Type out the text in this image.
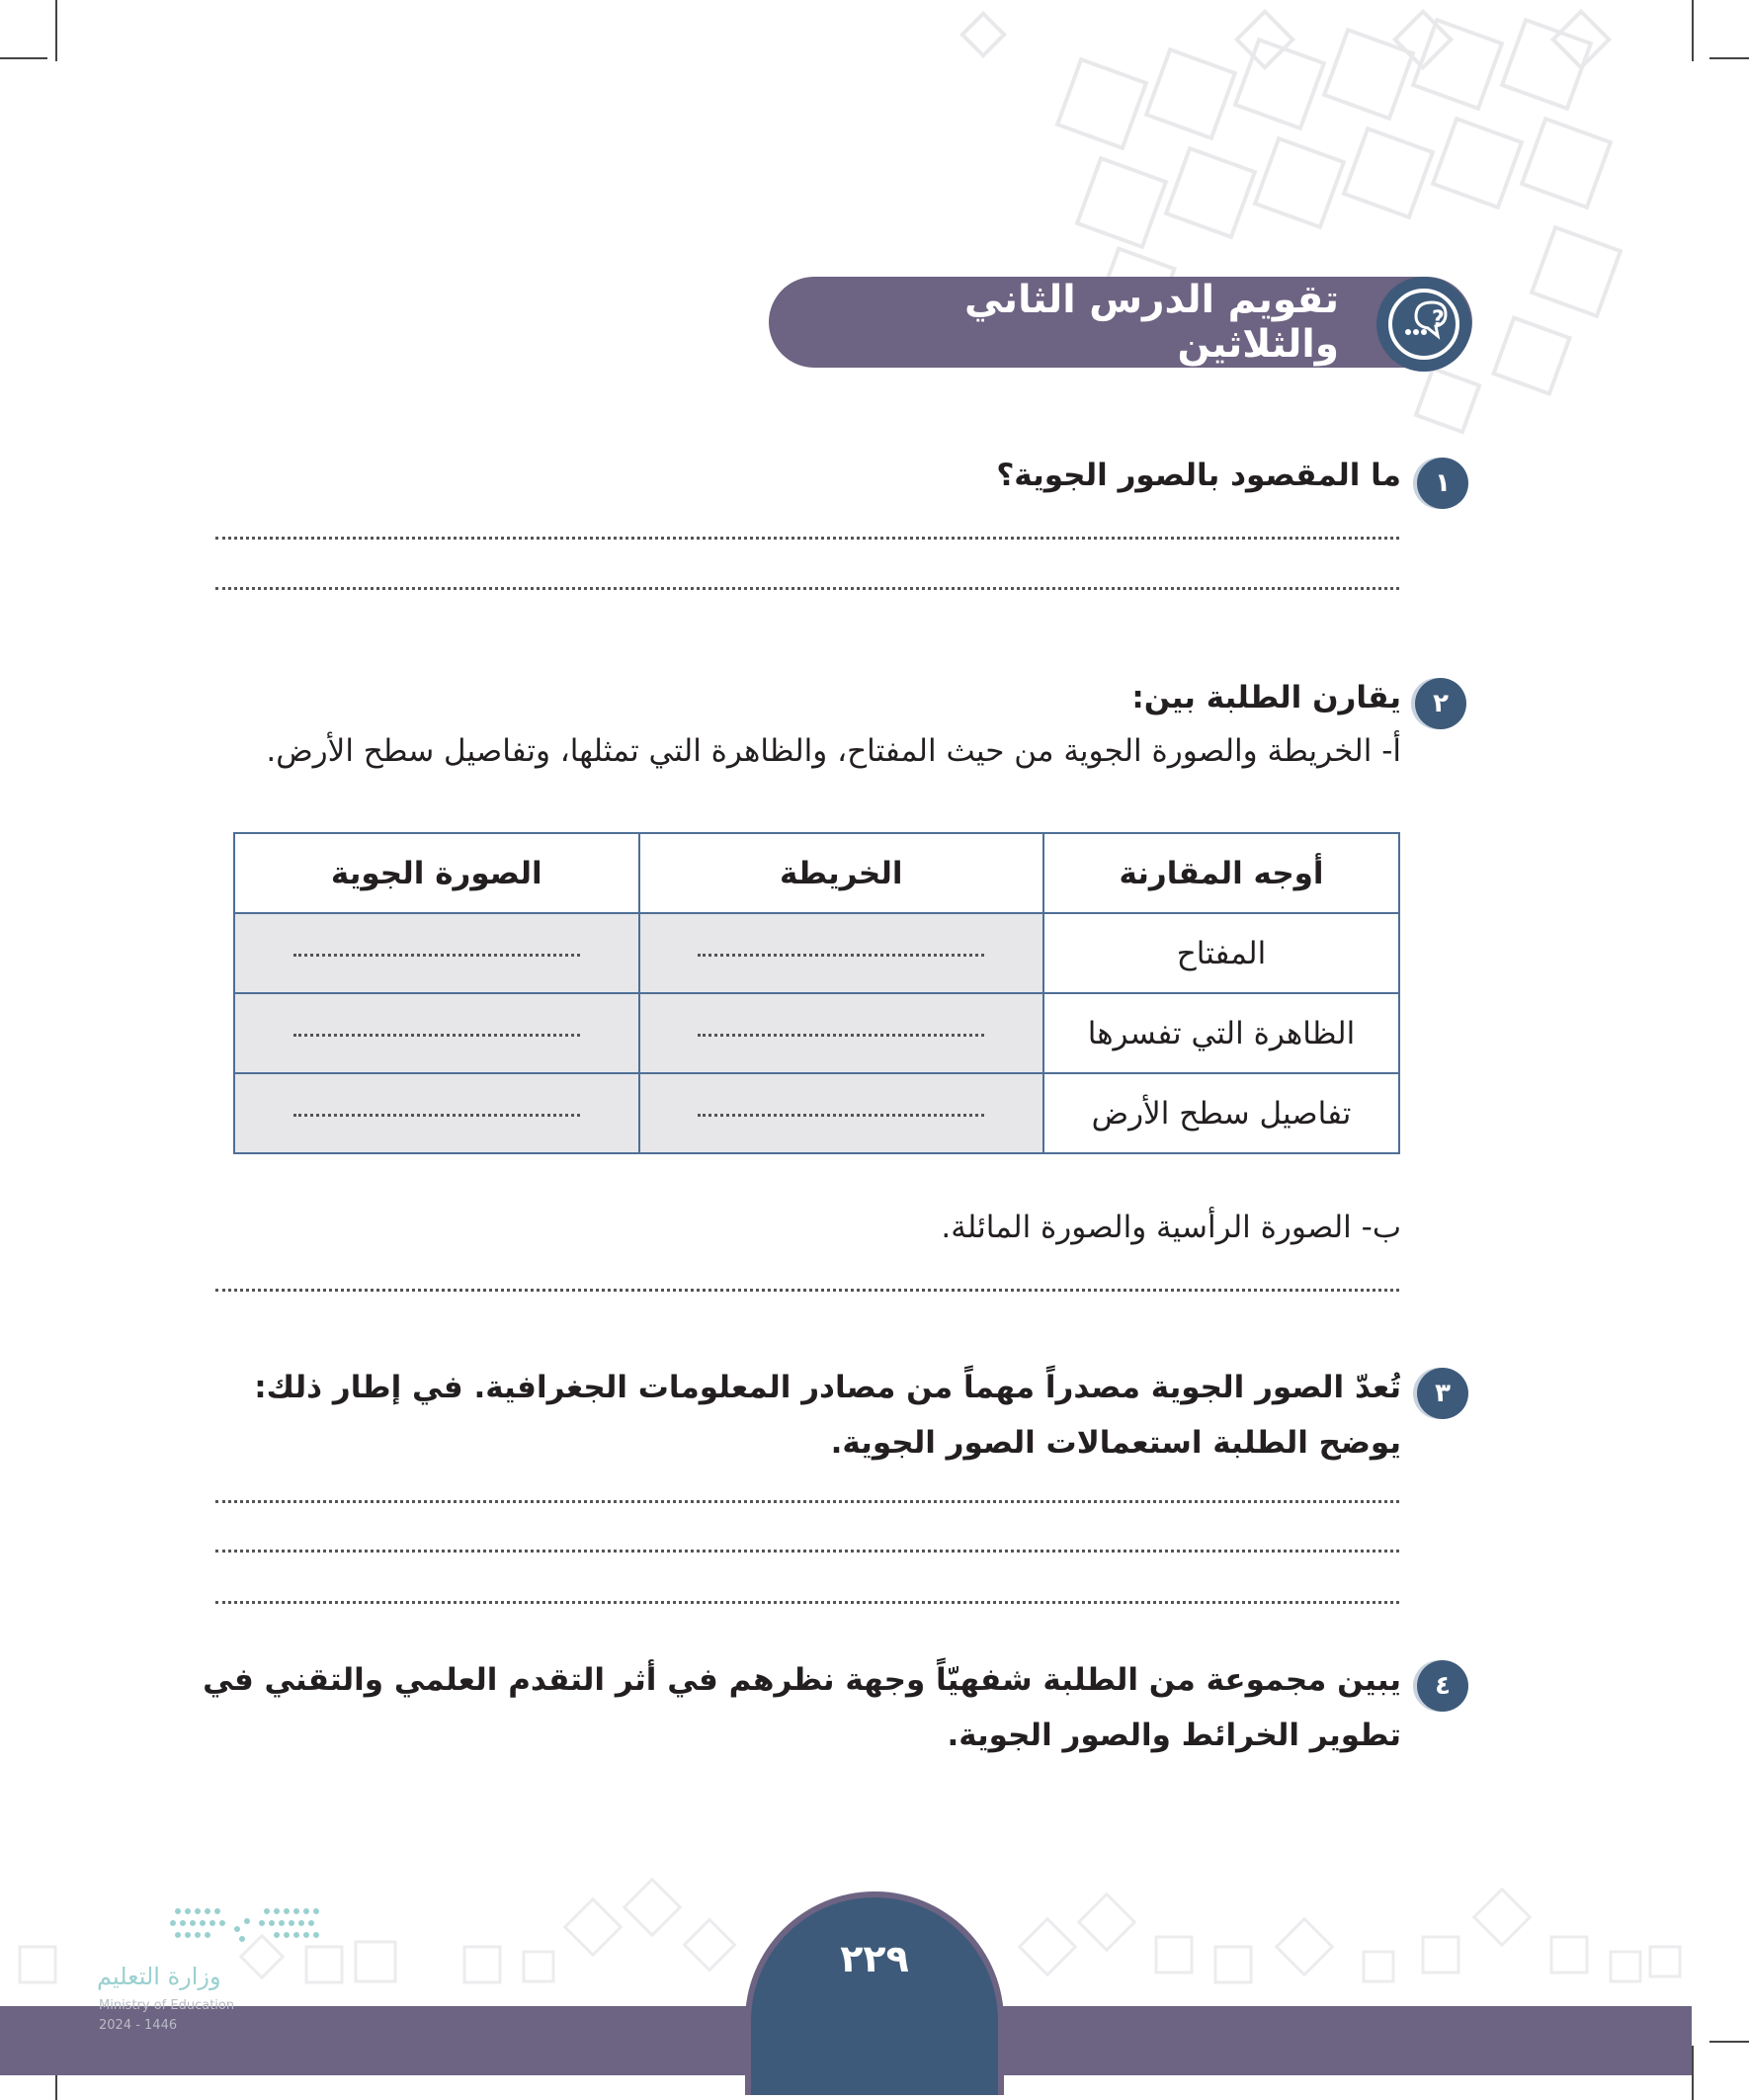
تقويم الدرس الثاني والثلاثين
?
١
ما المقصود بالصور الجوية؟
٢
يقارن الطلبة بين:
أ- الخريطة والصورة الجوية من حيث المفتاح، والظاهرة التي تمثلها، وتفاصيل سطح الأرض.
أوجه المقارنة	الخريطة	الصورة الجوية
المفتاح		
الظاهرة التي تفسرها		
تفاصيل سطح الأرض		
ب- الصورة الرأسية والصورة المائلة.
٣
تُعدّ الصور الجوية مصدراً مهماً من مصادر المعلومات الجغرافية. في إطار ذلك:
يوضح الطلبة استعمالات الصور الجوية.
٤
يبين مجموعة من الطلبة شفهيّاً وجهة نظرهم في أثر التقدم العلمي والتقني في
تطوير الخرائط والصور الجوية.
٢٢٩
وزارة التعليم
Ministry of Education
2024 - 1446
